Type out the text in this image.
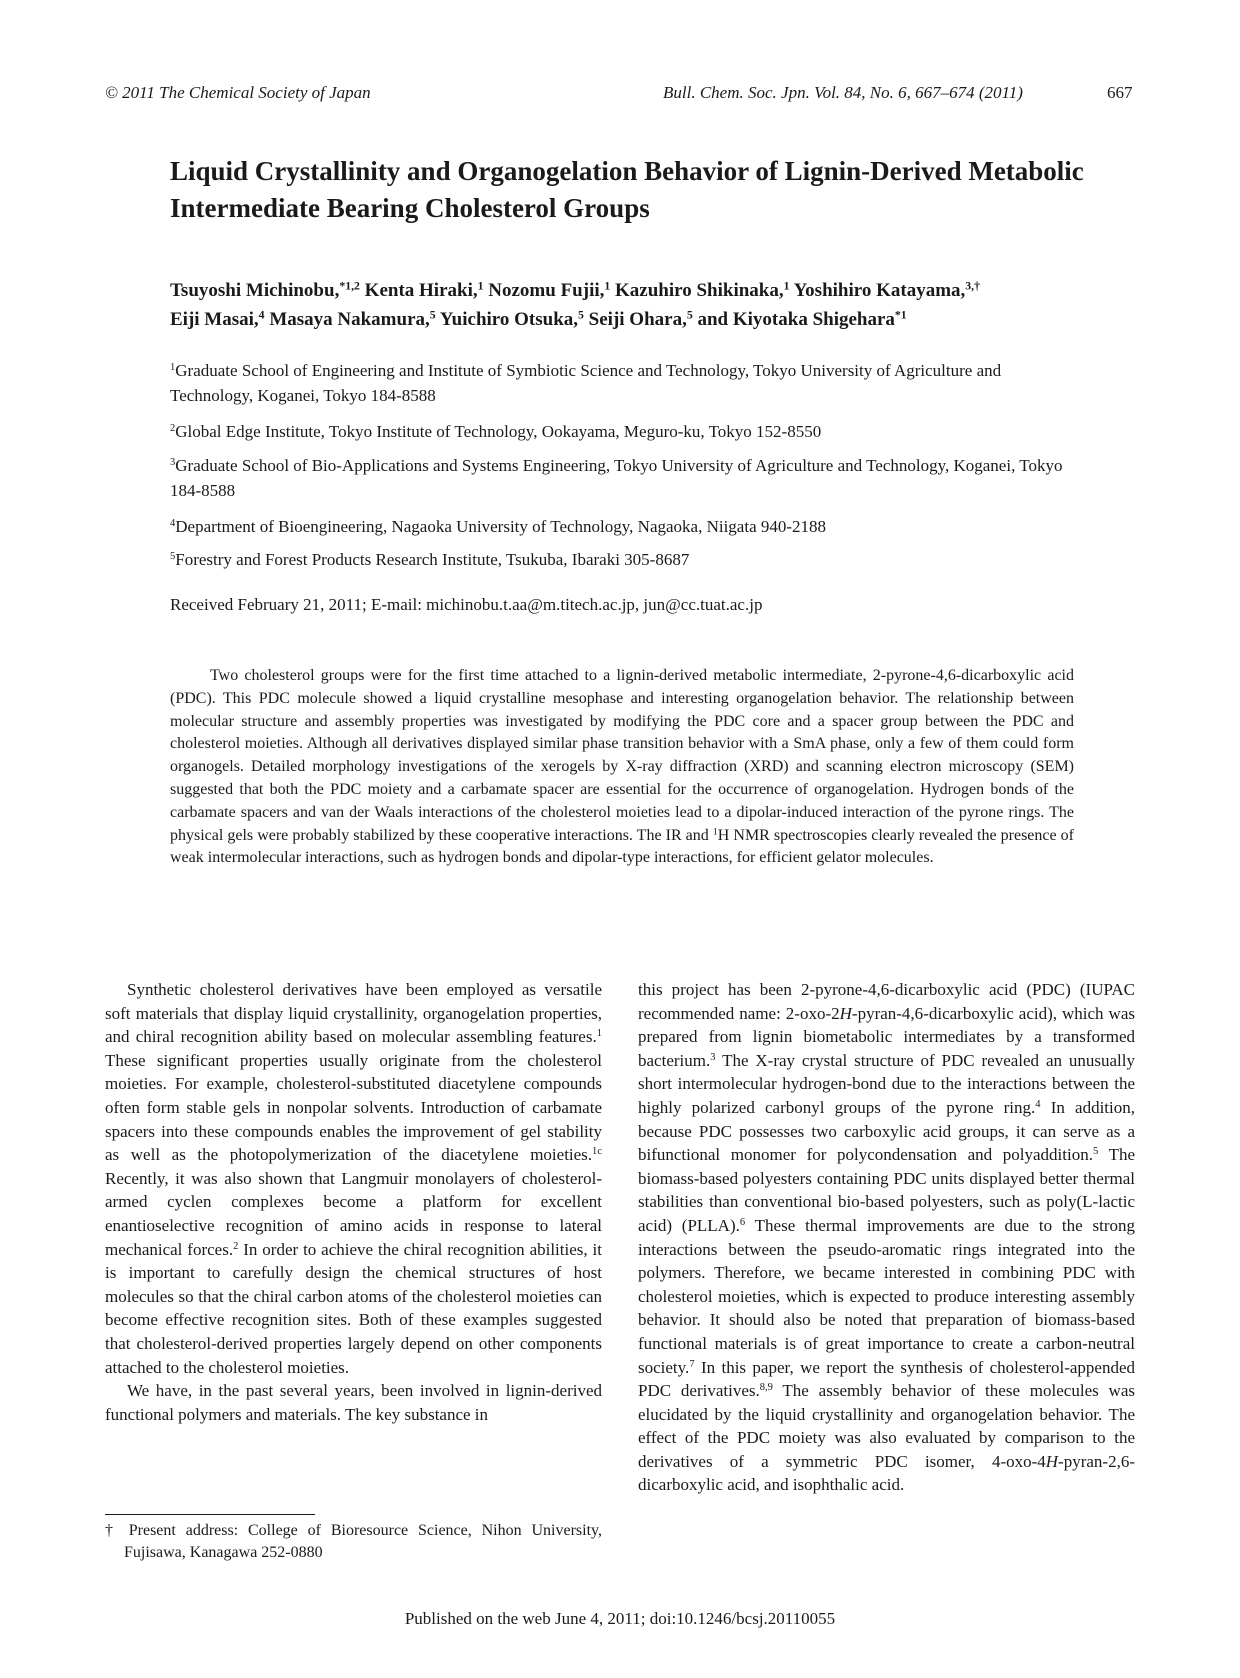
© 2011 The Chemical Society of Japan	Bull. Chem. Soc. Jpn. Vol. 84, No. 6, 667–674 (2011)	667
Liquid Crystallinity and Organogelation Behavior of Lignin-Derived Metabolic Intermediate Bearing Cholesterol Groups
Tsuyoshi Michinobu,$^{*1,2}$ Kenta Hiraki,$^1$ Nozomu Fujii,$^1$ Kazuhiro Shikinaka,$^1$ Yoshihiro Katayama,$^{3,\dagger}$
Eiji Masai,$^4$ Masaya Nakamura,$^5$ Yuichiro Otsuka,$^5$ Seiji Ohara,$^5$ and Kiyotaka Shigehara$^{*1}$
$^1$Graduate School of Engineering and Institute of Symbiotic Science and Technology, Tokyo University of Agriculture and Technology, Koganei, Tokyo 184-8588
$^2$Global Edge Institute, Tokyo Institute of Technology, Ookayama, Meguro-ku, Tokyo 152-8550
$^3$Graduate School of Bio-Applications and Systems Engineering, Tokyo University of Agriculture and Technology, Koganei, Tokyo 184-8588
$^4$Department of Bioengineering, Nagaoka University of Technology, Nagaoka, Niigata 940-2188
$^5$Forestry and Forest Products Research Institute, Tsukuba, Ibaraki 305-8687
Received February 21, 2011; E-mail: michinobu.t.aa@m.titech.ac.jp, jun@cc.tuat.ac.jp

Two cholesterol groups were for the first time attached to a lignin-derived metabolic intermediate, 2-pyrone-4,6-dicarboxylic acid (PDC). This PDC molecule showed a liquid crystalline mesophase and interesting organogelation behavior. The relationship between molecular structure and assembly properties was investigated by modifying the PDC core and a spacer group between the PDC and cholesterol moieties. Although all derivatives displayed similar phase transition behavior with a SmA phase, only a few of them could form organogels. Detailed morphology investigations of the xerogels by X-ray diffraction (XRD) and scanning electron microscopy (SEM) suggested that both the PDC moiety and a carbamate spacer are essential for the occurrence of organogelation. Hydrogen bonds of the carbamate spacers and van der Waals interactions of the cholesterol moieties lead to a dipolar-induced interaction of the pyrone rings. The physical gels were probably stabilized by these cooperative interactions. The IR and $^1$H NMR spectroscopies clearly revealed the presence of weak intermolecular interactions, such as hydrogen bonds and dipolar-type interactions, for efficient gelator molecules.

Synthetic cholesterol derivatives have been employed as versatile soft materials that display liquid crystallinity, organogelation properties, and chiral recognition ability based on molecular assembling features.$^1$ These significant properties usually originate from the cholesterol moieties. For example, cholesterol-substituted diacetylene compounds often form stable gels in nonpolar solvents. Introduction of carbamate spacers into these compounds enables the improvement of gel stability as well as the photopolymerization of the diacetylene moieties.$^{1c}$ Recently, it was also shown that Langmuir monolayers of cholesterol-armed cyclen complexes become a platform for excellent enantioselective recognition of amino acids in response to lateral mechanical forces.$^2$ In order to achieve the chiral recognition abilities, it is important to carefully design the chemical structures of host molecules so that the chiral carbon atoms of the cholesterol moieties can become effective recognition sites. Both of these examples suggested that cholesterol-derived properties largely depend on other components attached to the cholesterol moieties.

We have, in the past several years, been involved in lignin-derived functional polymers and materials. The key substance in

† Present address: College of Bioresource Science, Nihon University, Fujisawa, Kanagawa 252-0880

this project has been 2-pyrone-4,6-dicarboxylic acid (PDC) (IUPAC recommended name: 2-oxo-2H-pyran-4,6-dicarboxylic acid), which was prepared from lignin biometabolic intermediates by a transformed bacterium.$^3$ The X-ray crystal structure of PDC revealed an unusually short intermolecular hydrogen-bond due to the interactions between the highly polarized carbonyl groups of the pyrone ring.$^4$ In addition, because PDC possesses two carboxylic acid groups, it can serve as a bifunctional monomer for polycondensation and polyaddition.$^5$ The biomass-based polyesters containing PDC units displayed better thermal stabilities than conventional bio-based polyesters, such as poly(L-lactic acid) (PLLA).$^6$ These thermal improvements are due to the strong interactions between the pseudo-aromatic rings integrated into the polymers. Therefore, we became interested in combining PDC with cholesterol moieties, which is expected to produce interesting assembly behavior. It should also be noted that preparation of biomass-based functional materials is of great importance to create a carbon-neutral society.$^7$ In this paper, we report the synthesis of cholesterol-appended PDC derivatives.$^{8,9}$ The assembly behavior of these molecules was elucidated by the liquid crystallinity and organogelation behavior. The effect of the PDC moiety was also evaluated by comparison to the derivatives of a symmetric PDC isomer, 4-oxo-4H-pyran-2,6-dicarboxylic acid, and isophthalic acid.

Published on the web June 4, 2011; doi:10.1246/bcsj.20110055
